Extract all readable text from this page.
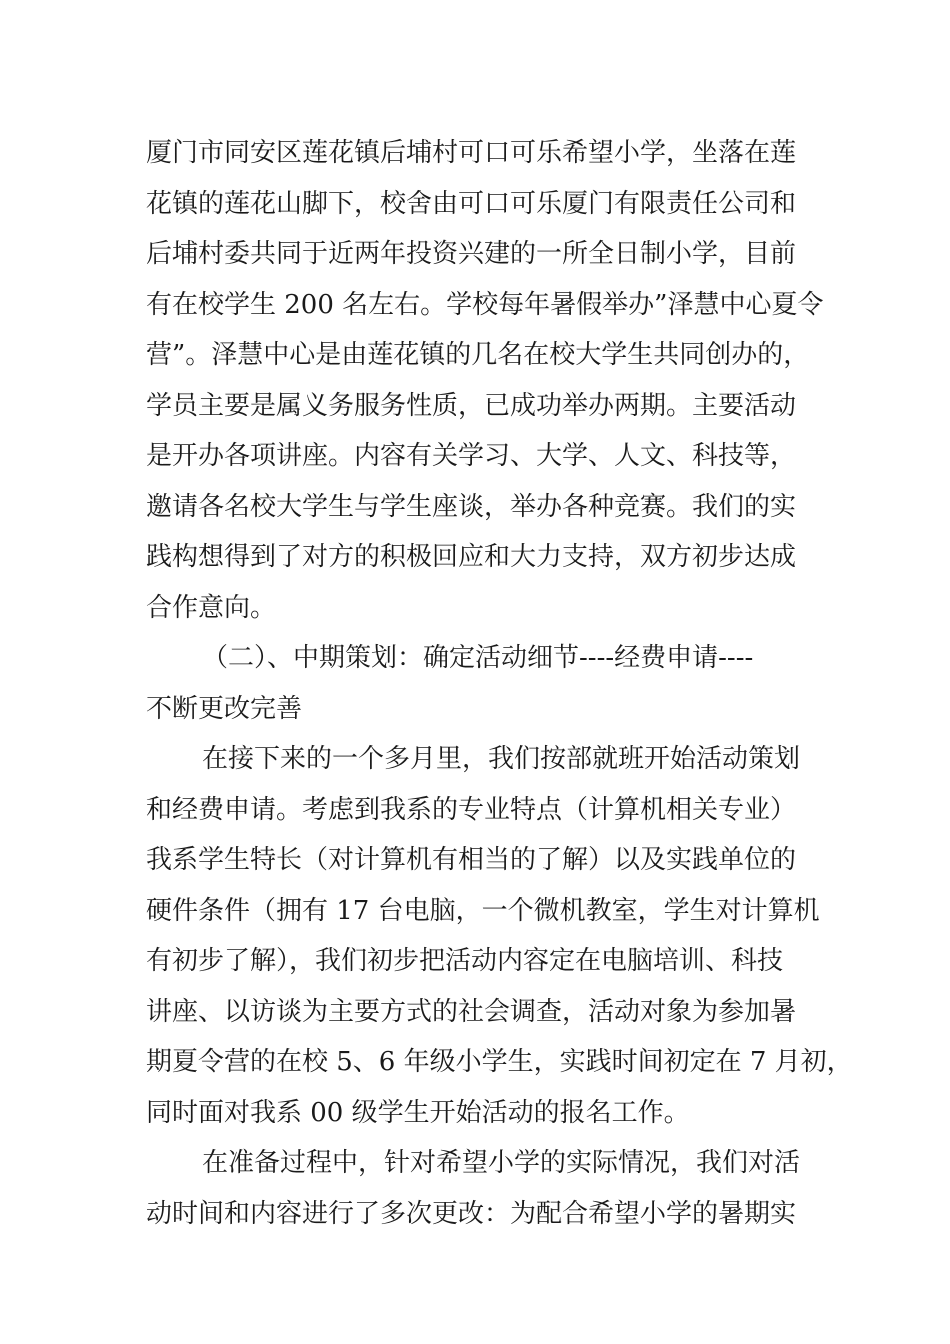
厦门市同安区莲花镇后埔村可口可乐希望小学，坐落在莲
花镇的莲花山脚下，校舍由可口可乐厦门有限责任公司和
后埔村委共同于近两年投资兴建的一所全日制小学，目前
有在校学生 200 名左右。学校每年暑假举办”泽慧中心夏令
营”。泽慧中心是由莲花镇的几名在校大学生共同创办的，
学员主要是属义务服务性质，已成功举办两期。主要活动
是开办各项讲座。内容有关学习、大学、人文、科技等，
邀请各名校大学生与学生座谈，举办各种竞赛。我们的实
践构想得到了对方的积极回应和大力支持，双方初步达成
合作意向。
（二）、中期策划：确定活动细节----经费申请----
不断更改完善
在接下来的一个多月里，我们按部就班开始活动策划
和经费申请。考虑到我系的专业特点（计算机相关专业）
我系学生特长（对计算机有相当的了解）以及实践单位的
硬件条件（拥有 17 台电脑，一个微机教室，学生对计算机
有初步了解），我们初步把活动内容定在电脑培训、科技
讲座、以访谈为主要方式的社会调查，活动对象为参加暑
期夏令营的在校 5、6 年级小学生，实践时间初定在 7 月初，
同时面对我系 00 级学生开始活动的报名工作。
在准备过程中，针对希望小学的实际情况，我们对活
动时间和内容进行了多次更改：为配合希望小学的暑期实
